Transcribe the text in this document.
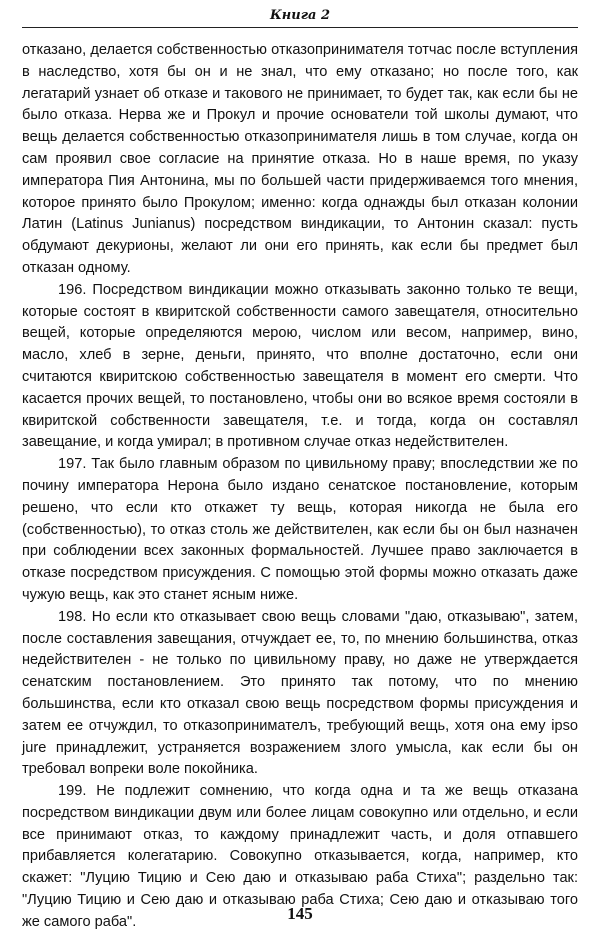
Книга 2

отказано, делается собственностью отказопринимателя тотчас после вступления в наследство, хотя бы он и не знал, что ему отказано; но после того, как легатарий узнает об отказе и такового не принимает, то будет так, как если бы не было отказа. Нерва же и Прокул и прочие основатели той школы думают, что вещь делается собственностью отказопринимателя лишь в том случае, когда он сам проявил свое согласие на принятие отказа. Но в наше время, по указу императора Пия Антонина, мы по большей части придерживаемся того мнения, которое принято было Прокулом; именно: когда однажды был отказан колонии Латин (Latinus Junianus) посредством виндикации, то Антонин сказал: пусть обдумают декурионы, желают ли они его принять, как если бы предмет был отказан одному.

196. Посредством виндикации можно отказывать законно только те вещи, которые состоят в квиритской собственности самого завещателя, относительно вещей, которые определяются мерою, числом или весом, например, вино, масло, хлеб в зерне, деньги, принято, что вполне достаточно, если они считаются квиритскою собственностью завещателя в момент его смерти. Что касается прочих вещей, то постановлено, чтобы они во всякое время состояли в квиритской собственности завещателя, т.е. и тогда, когда он составлял завещание, и когда умирал; в противном случае отказ недействителен.

197. Так было главным образом по цивильному праву; впоследствии же по почину императора Нерона было издано сенатское постановление, которым решено, что если кто откажет ту вещь, которая никогда не была его (собственностью), то отказ столь же действителен, как если бы он был назначен при соблюдении всех законных формальностей. Лучшее право заключается в отказе посредством присуждения. С помощью этой формы можно отказать даже чужую вещь, как это станет ясным ниже.

198. Но если кто отказывает свою вещь словами "даю, отказываю", затем, после составления завещания, отчуждает ее, то, по мнению большинства, отказ недействителен - не только по цивильному праву, но даже не утверждается сенатским постановлением. Это принято так потому, что по мнению большинства, если кто отказал свою вещь посредством формы присуждения и затем ее отчуждил, то отказопринимателъ, требующий вещь, хотя она ему ipso jure принадлежит, устраняется возражением злого умысла, как если бы он требовал вопреки воле покойника.

199. Не подлежит сомнению, что когда одна и та же вещь отказана посредством виндикации двум или более лицам совокупно или отдельно, и если все принимают отказ, то каждому принадлежит часть, и доля отпавшего прибавляется колегатарию. Совокупно отказывается, когда, например, кто скажет: "Луцию Тицию и Сею даю и отказываю раба Стиха"; раздельно так: "Луцию Тицию и Сею даю и отказываю раба Стиха; Сею даю и отказываю того же самого раба".	145
